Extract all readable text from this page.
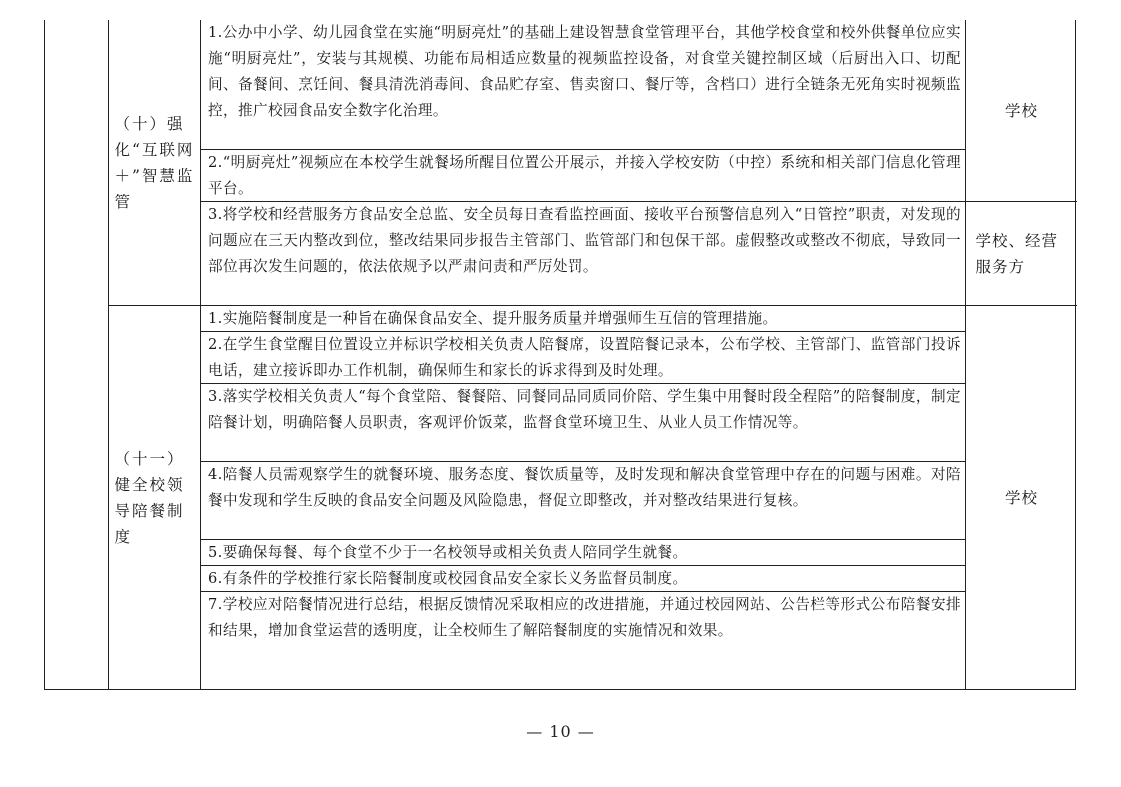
（十）强化“互联网＋”智慧监管
1.公办中小学、幼儿园食堂在实施“明厨亮灶”的基础上建设智慧食堂管理平台，其他学校食堂和校外供餐单位应实施“明厨亮灶”，安装与其规模、功能布局相适应数量的视频监控设备，对食堂关键控制区域（后厨出入口、切配间、备餐间、烹饪间、餐具清洗消毒间、食品贮存室、售卖窗口、餐厅等，含档口）进行全链条无死角实时视频监控，推广校园食品安全数字化治理。	学校
2.“明厨亮灶”视频应在本校学生就餐场所醒目位置公开展示，并接入学校安防（中控）系统和相关部门信息化管理平台。
3.将学校和经营服务方食品安全总监、安全员每日查看监控画面、接收平台预警信息列入“日管控”职责，对发现的问题应在三天内整改到位，整改结果同步报告主管部门、监管部门和包保干部。虚假整改或整改不彻底，导致同一部位再次发生问题的，依法依规予以严肃问责和严厉处罚。
学校、经营服务方
（十一）健全校领导陪餐制度
学校
1.实施陪餐制度是一种旨在确保食品安全、提升服务质量并增强师生互信的管理措施。
2.在学生食堂醒目位置设立并标识学校相关负责人陪餐席，设置陪餐记录本，公布学校、主管部门、监管部门投诉电话，建立接诉即办工作机制，确保师生和家长的诉求得到及时处理。
3.落实学校相关负责人“每个食堂陪、餐餐陪、同餐同品同质同价陪、学生集中用餐时段全程陪”的陪餐制度，制定陪餐计划，明确陪餐人员职责，客观评价饭菜，监督食堂环境卫生、从业人员工作情况等。
4.陪餐人员需观察学生的就餐环境、服务态度、餐饮质量等，及时发现和解决食堂管理中存在的问题与困难。对陪餐中发现和学生反映的食品安全问题及风险隐患，督促立即整改，并对整改结果进行复核。
5.要确保每餐、每个食堂不少于一名校领导或相关负责人陪同学生就餐。
6.有条件的学校推行家长陪餐制度或校园食品安全家长义务监督员制度。
7.学校应对陪餐情况进行总结，根据反馈情况采取相应的改进措施，并通过校园网站、公告栏等形式公布陪餐安排和结果，增加食堂运营的透明度，让全校师生了解陪餐制度的实施情况和效果。
— 10 —
